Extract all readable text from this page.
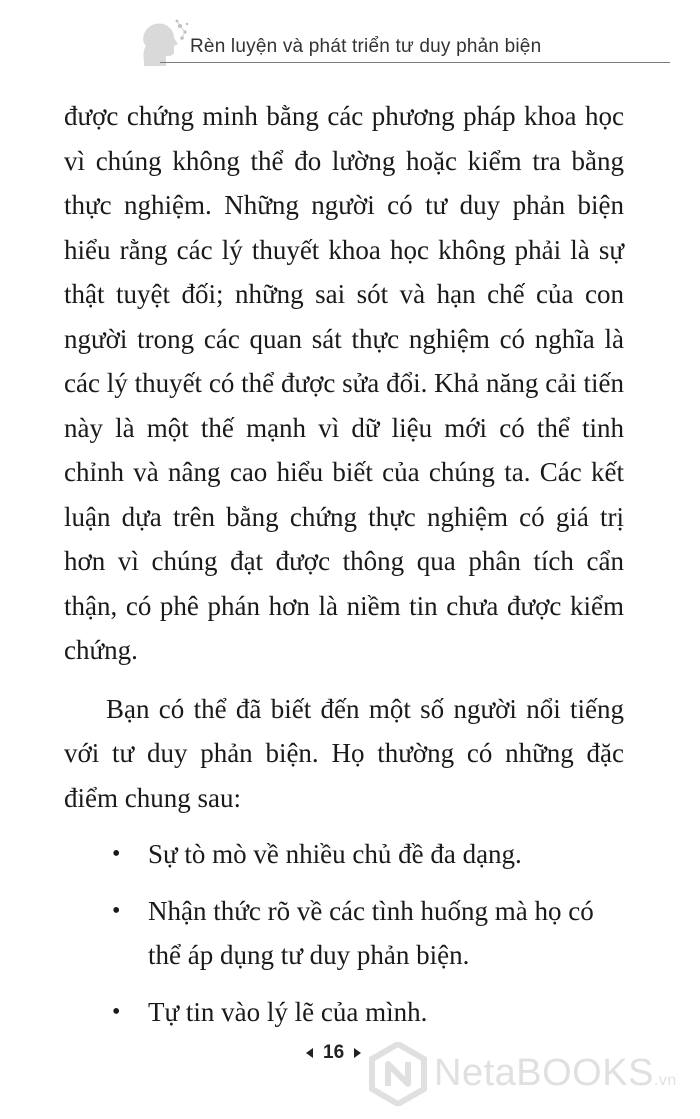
Rèn luyện và phát triển tư duy phản biện

được chứng minh bằng các phương pháp khoa học vì chúng không thể đo lường hoặc kiểm tra bằng thực nghiệm. Những người có tư duy phản biện hiểu rằng các lý thuyết khoa học không phải là sự thật tuyệt đối; những sai sót và hạn chế của con người trong các quan sát thực nghiệm có nghĩa là các lý thuyết có thể được sửa đổi. Khả năng cải tiến này là một thế mạnh vì dữ liệu mới có thể tinh chỉnh và nâng cao hiểu biết của chúng ta. Các kết luận dựa trên bằng chứng thực nghiệm có giá trị hơn vì chúng đạt được thông qua phân tích cẩn thận, có phê phán hơn là niềm tin chưa được kiểm chứng.

Bạn có thể đã biết đến một số người nổi tiếng với tư duy phản biện. Họ thường có những đặc điểm chung sau:

• Sự tò mò về nhiều chủ đề đa dạng.
• Nhận thức rõ về các tình huống mà họ có thể áp dụng tư duy phản biện.
• Tự tin vào lý lẽ của mình.
16 NetaBOOKS.vn
